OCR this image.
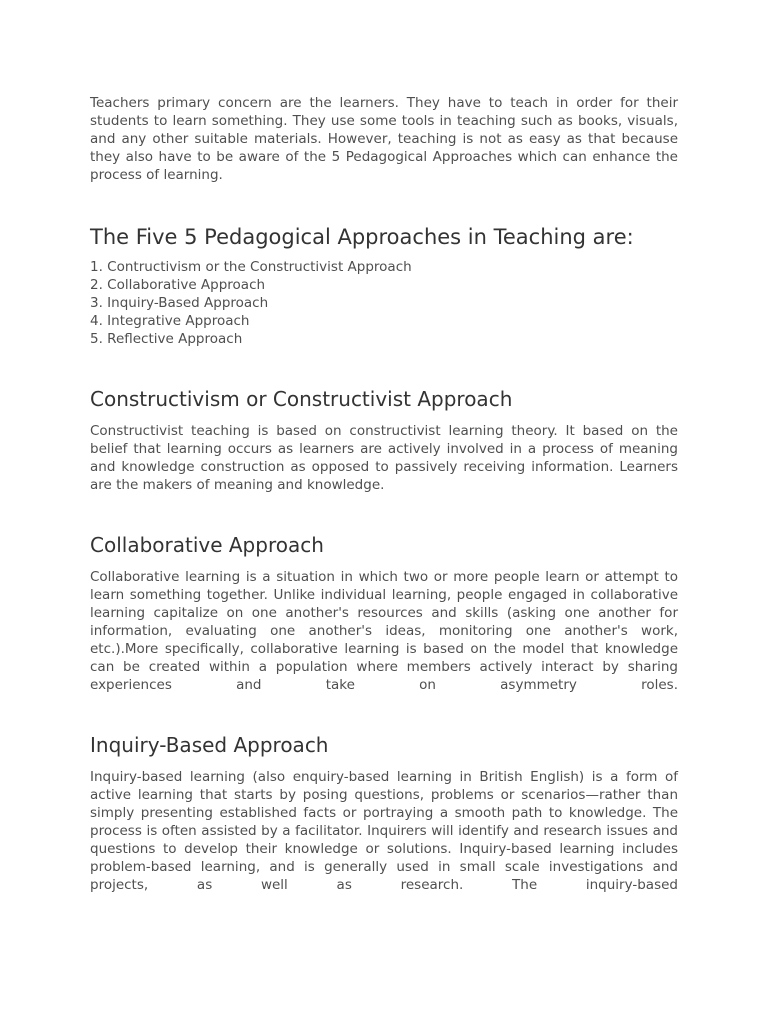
Teachers primary concern are the learners. They have to teach in order for their students to learn something. They use some tools in teaching such as books, visuals, and any other suitable materials. However, teaching is not as easy as that because they also have to be aware of the 5 Pedagogical Approaches which can enhance the process of learning.

The Five 5 Pedagogical Approaches in Teaching are:
1. Contructivism or the Constructivist Approach
2. Collaborative Approach
3. Inquiry-Based Approach
4. Integrative Approach
5. Reflective Approach
Constructivism or Constructivist Approach

Constructivist teaching is based on constructivist learning theory. It based on the belief that learning occurs as learners are actively involved in a process of meaning and knowledge construction as opposed to passively receiving information. Learners are the makers of meaning and knowledge.

Collaborative Approach

Collaborative learning is a situation in which two or more people learn or attempt to learn something together. Unlike individual learning, people engaged in collaborative learning capitalize on one another's resources and skills (asking one another for information, evaluating one another's ideas, monitoring one another's work, etc.).More specifically, collaborative learning is based on the model that knowledge can be created within a population where members actively interact by sharing experiences and take on asymmetry roles.

Inquiry-Based Approach

Inquiry-based learning (also enquiry-based learning in British English) is a form of active learning that starts by posing questions, problems or scenarios—rather than simply presenting established facts or portraying a smooth path to knowledge. The process is often assisted by a facilitator. Inquirers will identify and research issues and questions to develop their knowledge or solutions. Inquiry-based learning includes problem-based learning, and is generally used in small scale investigations and projects, as well as research. The inquiry-based
